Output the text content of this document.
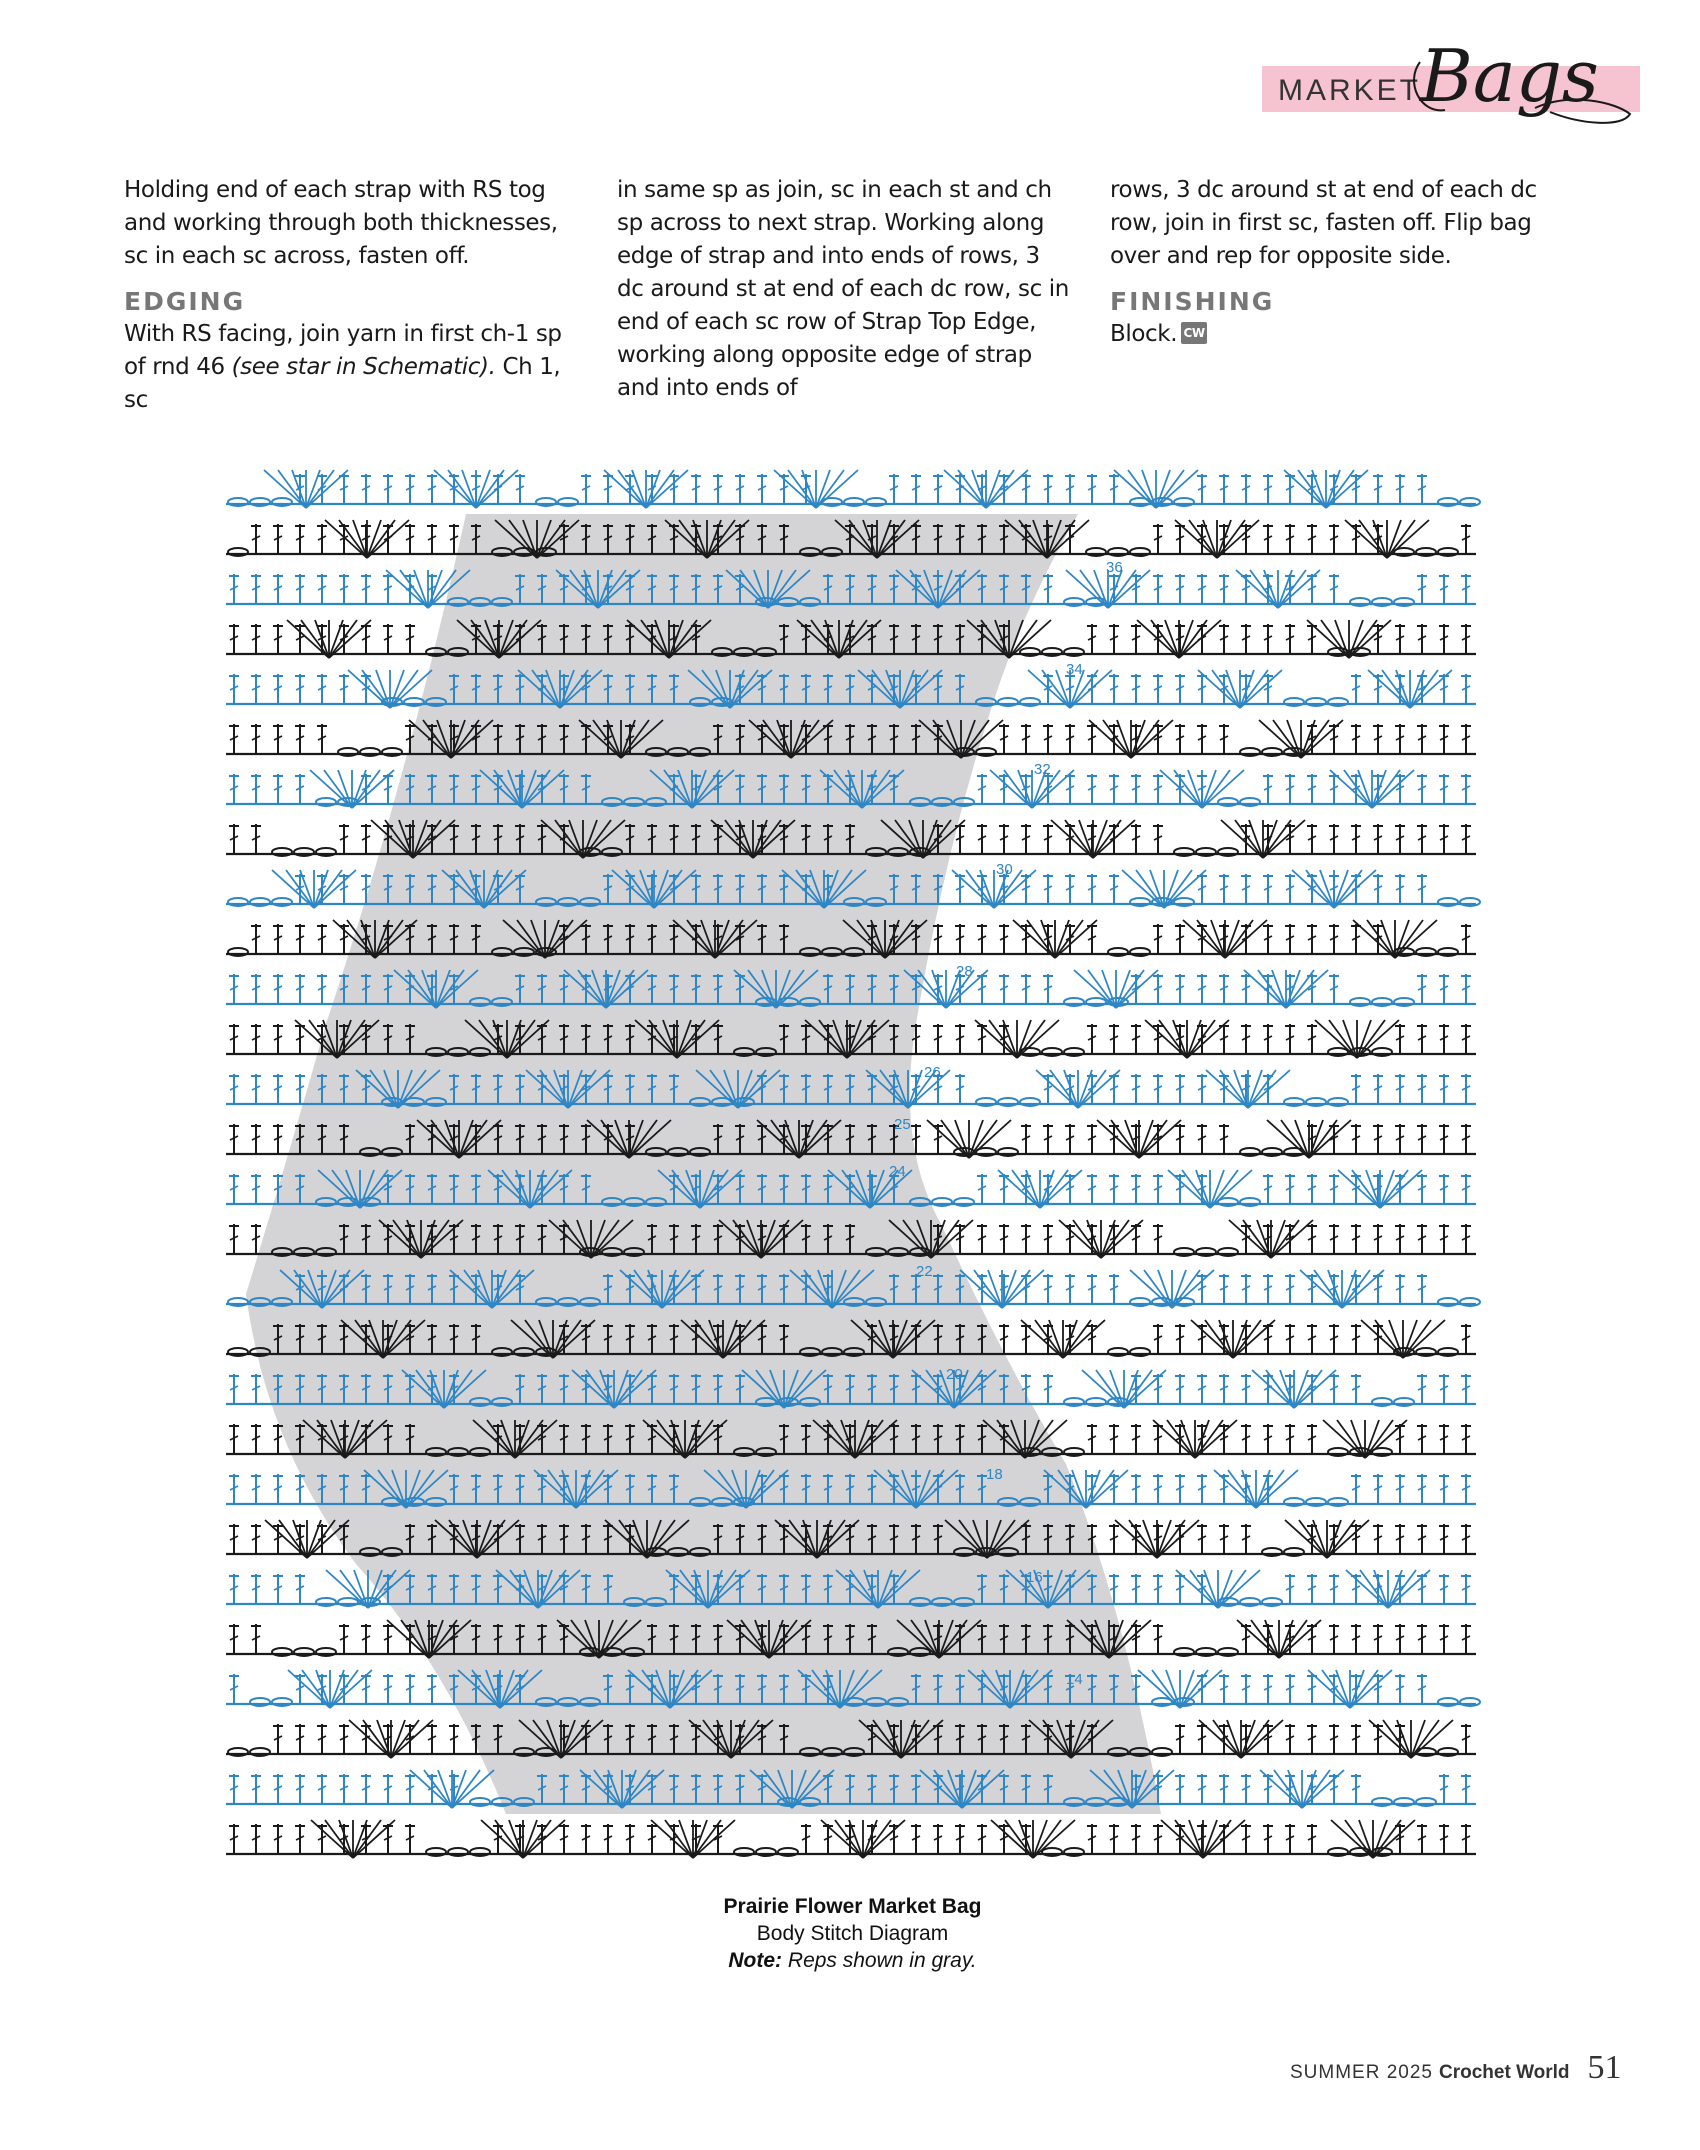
MARKET
Bags

Holding end of each strap with RS tog and working through both thicknesses, sc in each sc across, fasten off.

EDGING

With RS facing, join yarn in first ch-1 sp of rnd 46 (see star in Schematic). Ch 1, sc

in same sp as join, sc in each st and ch sp across to next strap. Working along edge of strap and into ends of rows, 3 dc around st at end of each dc row, sc in end of each sc row of Strap Top Edge, working along opposite edge of strap and into ends of

rows, 3 dc around st at end of each dc row, join in first sc, fasten off. Flip bag over and rep for opposite side.

FINISHING

Block. CW

36
34
32
30
28
26
25
24
22
20
18
16
14
Prairie Flower Market Bag
Body Stitch Diagram
Note: Reps shown in gray.
SUMMER 2025 Crochet World 51
